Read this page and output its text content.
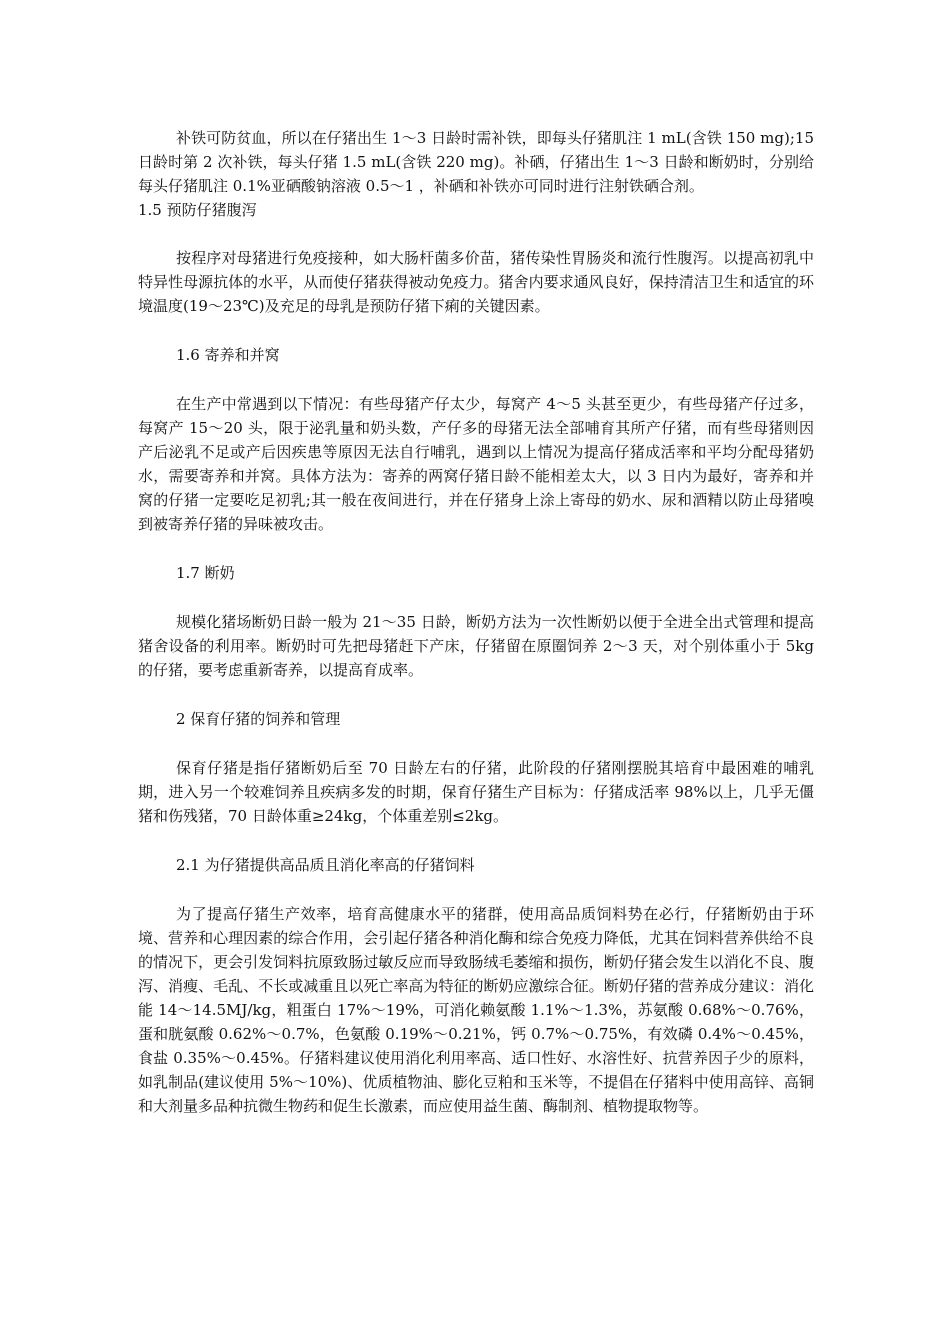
补铁可防贫血，所以在仔猪出生 1～3 日龄时需补铁，即每头仔猪肌注 1 mL(含铁 150 mg);15 日龄时第 2 次补铁，每头仔猪 1.5 mL(含铁 220 mg)。补硒，仔猪出生 1～3 日龄和断奶时，分别给每头仔猪肌注 0.1%亚硒酸钠溶液 0.5～1 ，补硒和补铁亦可同时进行注射铁硒合剂。

1.5 预防仔猪腹泻

按程序对母猪进行免疫接种，如大肠杆菌多价苗，猪传染性胃肠炎和流行性腹泻。以提高初乳中特异性母源抗体的水平，从而使仔猪获得被动免疫力。猪舍内要求通风良好，保持清洁卫生和适宜的环境温度(19～23℃)及充足的母乳是预防仔猪下痢的关键因素。

1.6 寄养和并窝

在生产中常遇到以下情况：有些母猪产仔太少，每窝产 4～5 头甚至更少，有些母猪产仔过多，每窝产 15～20 头，限于泌乳量和奶头数，产仔多的母猪无法全部哺育其所产仔猪，而有些母猪则因产后泌乳不足或产后因疾患等原因无法自行哺乳，遇到以上情况为提高仔猪成活率和平均分配母猪奶水，需要寄养和并窝。具体方法为：寄养的两窝仔猪日龄不能相差太大，以 3 日内为最好，寄养和并窝的仔猪一定要吃足初乳;其一般在夜间进行，并在仔猪身上涂上寄母的奶水、尿和酒精以防止母猪嗅到被寄养仔猪的异味被攻击。

1.7 断奶

规模化猪场断奶日龄一般为 21～35 日龄，断奶方法为一次性断奶以便于全进全出式管理和提高猪舍设备的利用率。断奶时可先把母猪赶下产床，仔猪留在原圈饲养 2～3 天，对个别体重小于 5kg 的仔猪，要考虑重新寄养，以提高育成率。

2 保育仔猪的饲养和管理

保育仔猪是指仔猪断奶后至 70 日龄左右的仔猪，此阶段的仔猪刚摆脱其培育中最困难的哺乳期，进入另一个较难饲养且疾病多发的时期，保育仔猪生产目标为：仔猪成活率 98%以上，几乎无僵猪和伤残猪，70 日龄体重≥24kg，个体重差别≤2kg。

2.1 为仔猪提供高品质且消化率高的仔猪饲料

为了提高仔猪生产效率，培育高健康水平的猪群，使用高品质饲料势在必行，仔猪断奶由于环境、营养和心理因素的综合作用，会引起仔猪各种消化酶和综合免疫力降低，尤其在饲料营养供给不良的情况下，更会引发饲料抗原致肠过敏反应而导致肠绒毛萎缩和损伤，断奶仔猪会发生以消化不良、腹泻、消瘦、毛乱、不长或减重且以死亡率高为特征的断奶应激综合征。断奶仔猪的营养成分建议：消化能 14～14.5MJ/kg，粗蛋白 17%～19%，可消化赖氨酸 1.1%～1.3%，苏氨酸 0.68%～0.76%，蛋和胱氨酸 0.62%～0.7%，色氨酸 0.19%～0.21%，钙 0.7%～0.75%，有效磷 0.4%～0.45%，食盐 0.35%～0.45%。仔猪料建议使用消化利用率高、适口性好、水溶性好、抗营养因子少的原料，如乳制品(建议使用 5%～10%)、优质植物油、膨化豆粕和玉米等，不提倡在仔猪料中使用高锌、高铜和大剂量多品种抗微生物药和促生长激素，而应使用益生菌、酶制剂、植物提取物等。
